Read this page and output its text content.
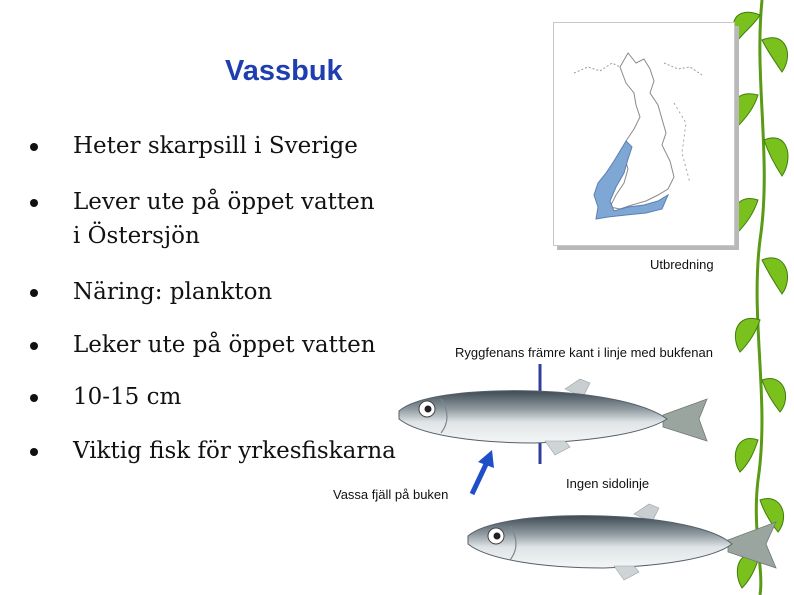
Vassbuk
Heter skarpsill i Sverige
Lever ute på öppet vatten i Östersjön
Näring: plankton
Leker ute på öppet vatten
10-15 cm
Viktig fisk för yrkesfiskarna
Utbredning
Ryggfenans främre kant i linje med bukfenan
Vassa fjäll på buken
Ingen sidolinje
